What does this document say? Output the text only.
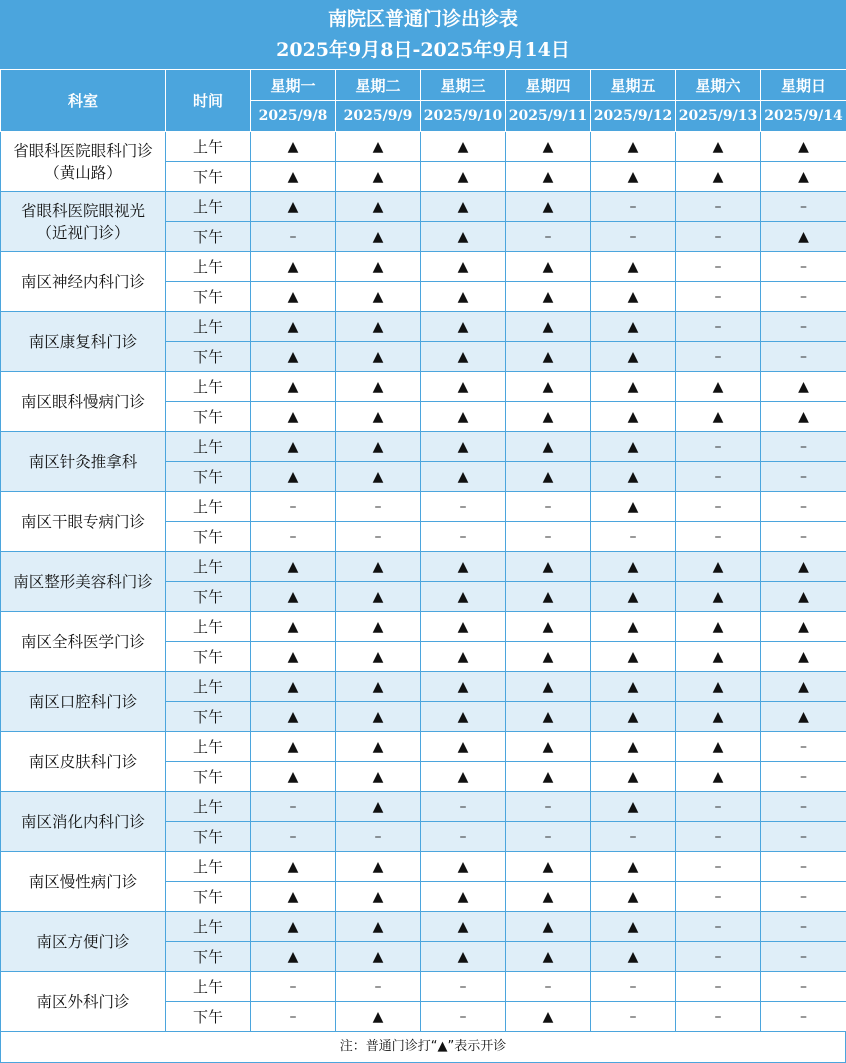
南院区普通门诊出诊表
2025年9月8日-2025年9月14日
科室	时间	星期一	星期二	星期三	星期四	星期五	星期六	星期日
		2025/9/8	2025/9/9	2025/9/10	2025/9/11	2025/9/12	2025/9/13	2025/9/14

省眼科医院眼科门诊
（黄山路）	上午	▲	▲	▲	▲	▲	▲	▲
	下午	▲	▲	▲	▲	▲	▲	▲

省眼科医院眼视光
（近视门诊）	上午	▲	▲	▲	▲	–	–	–
	下午	–	▲	▲	–	–	–	▲

南区神经内科门诊	上午	▲	▲	▲	▲	▲	–	–
	下午	▲	▲	▲	▲	▲	–	–

南区康复科门诊	上午	▲	▲	▲	▲	▲	–	–
	下午	▲	▲	▲	▲	▲	–	–

南区眼科慢病门诊	上午	▲	▲	▲	▲	▲	▲	▲
	下午	▲	▲	▲	▲	▲	▲	▲

南区针灸推拿科	上午	▲	▲	▲	▲	▲	–	–
	下午	▲	▲	▲	▲	▲	–	–

南区干眼专病门诊	上午	–	–	–	–	▲	–	–
	下午	–	–	–	–	–	–	–

南区整形美容科门诊	上午	▲	▲	▲	▲	▲	▲	▲
	下午	▲	▲	▲	▲	▲	▲	▲

南区全科医学门诊	上午	▲	▲	▲	▲	▲	▲	▲
	下午	▲	▲	▲	▲	▲	▲	▲

南区口腔科门诊	上午	▲	▲	▲	▲	▲	▲	▲
	下午	▲	▲	▲	▲	▲	▲	▲

南区皮肤科门诊	上午	▲	▲	▲	▲	▲	▲	–
	下午	▲	▲	▲	▲	▲	▲	–

南区消化内科门诊	上午	–	▲	–	–	▲	–	–
	下午	–	–	–	–	–	–	–

南区慢性病门诊	上午	▲	▲	▲	▲	▲	–	–
	下午	▲	▲	▲	▲	▲	–	–

南区方便门诊	上午	▲	▲	▲	▲	▲	–	–
	下午	▲	▲	▲	▲	▲	–	–

南区外科门诊	上午	–	–	–	–	–	–	–
	下午	–	▲	–	▲	–	–	–
注：普通门诊打“▲”表示开诊
